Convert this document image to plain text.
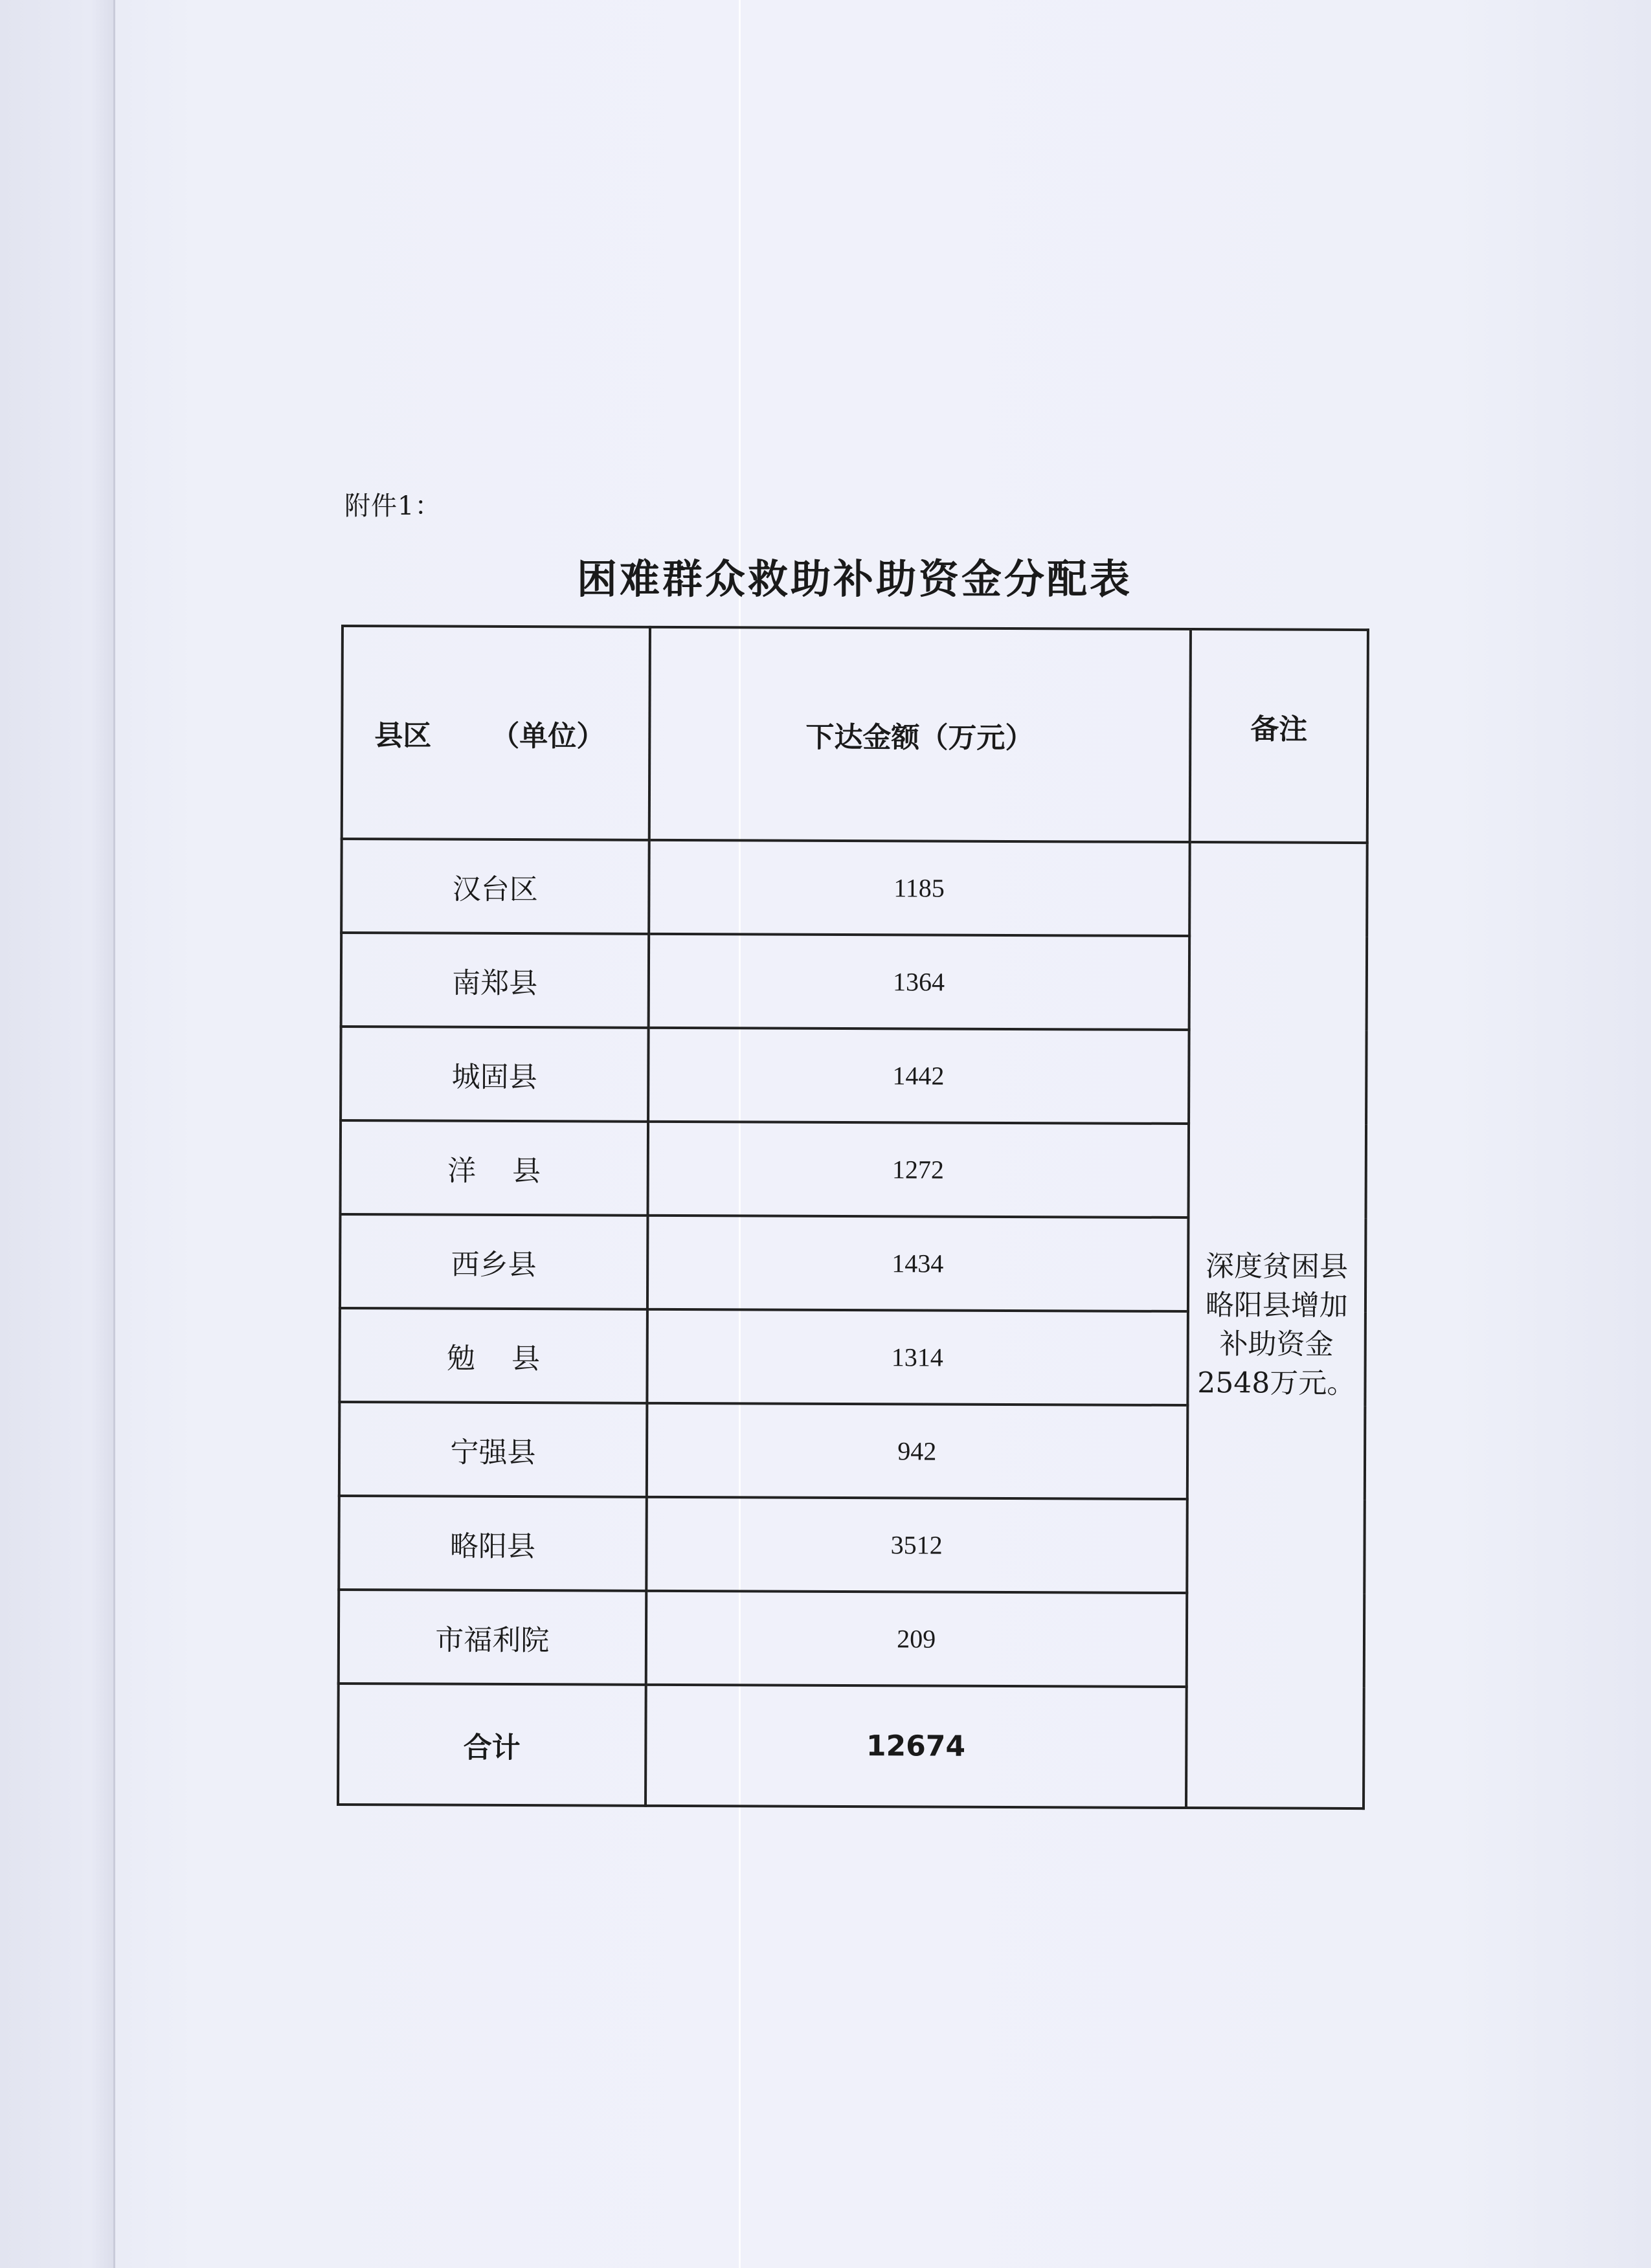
附件1：
困难群众救助补助资金分配表
县区      （单位）	下达金额（万元）	备注
汉台区	1185	深度贫困县
略阳县增加
补助资金
2548万元。

南郑县	1364	
城固县	1442	
洋    县	1272	
西乡县	1434	
勉    县	1314	
宁强县	942	
略阳县	3512	
市福利院	209	
合计	12674	
